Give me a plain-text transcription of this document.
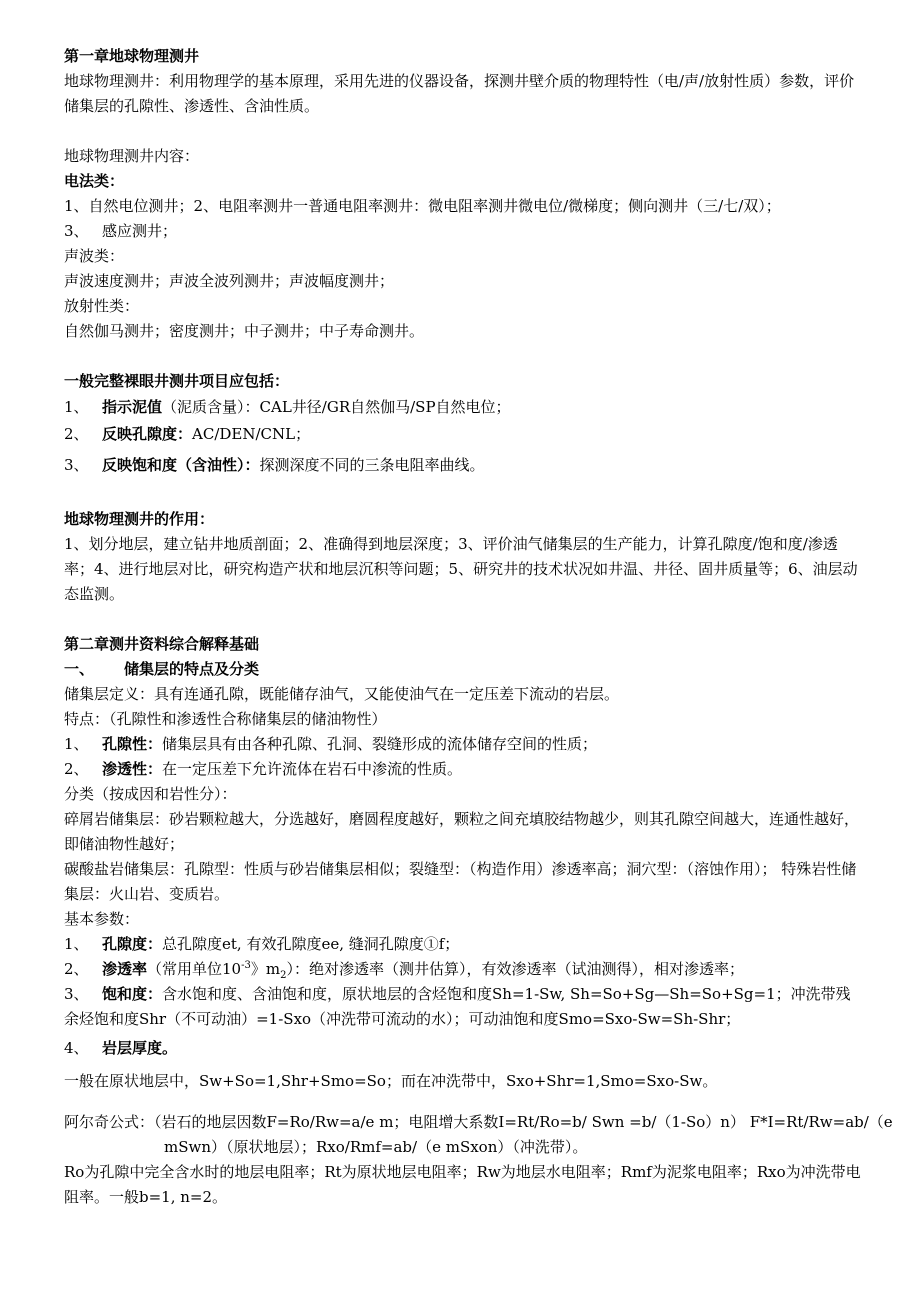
第一章地球物理测井
地球物理测井：利用物理学的基本原理，采用先进的仪器设备，探测井壁介质的物理特性（电/声/放射性质）参数，评价储集层的孔隙性、渗透性、含油性质。
地球物理测井内容：
电法类：
1、自然电位测井；2、电阻率测井一普通电阻率测井：微电阻率测井微电位/微梯度；侧向测井（三/七/双）；
3、 感应测井；
声波类：
声波速度测井；声波全波列测井；声波幅度测井；
放射性类：
自然伽马测井；密度测井；中子测井；中子寿命测井。
一般完整裸眼井测井项目应包括：
1、 指示泥值（泥质含量）：CAL井径/GR自然伽马/SP自然电位；
2、 反映孔隙度：AC/DEN/CNL；
3、 反映饱和度（含油性）：探测深度不同的三条电阻率曲线。
地球物理测井的作用：
1、划分地层，建立钻井地质剖面；2、准确得到地层深度；3、评价油气储集层的生产能力，计算孔隙度/饱和度/渗透率；4、进行地层对比，研究构造产状和地层沉积等问题；5、研究井的技术状况如井温、井径、固井质量等；6、油层动态监测。
第二章测井资料综合解释基础
一、 储集层的特点及分类
储集层定义：具有连通孔隙，既能储存油气，又能使油气在一定压差下流动的岩层。
特点：（孔隙性和渗透性合称储集层的储油物性）
1、 孔隙性：储集层具有由各种孔隙、孔洞、裂缝形成的流体储存空间的性质；
2、 渗透性：在一定压差下允许流体在岩石中渗流的性质。
分类（按成因和岩性分）：
碎屑岩储集层：砂岩颗粒越大，分选越好，磨圆程度越好，颗粒之间充填胶结物越少，则其孔隙空间越大，连通性越好，即储油物性越好；
碳酸盐岩储集层：孔隙型：性质与砂岩储集层相似；裂缝型：（构造作用）渗透率高；洞穴型：（溶蚀作用）； 特殊岩性储集层：火山岩、变质岩。
基本参数：
1、 孔隙度：总孔隙度et, 有效孔隙度ee, 缝洞孔隙度①f；
2、 渗透率（常用单位$10^{-3}$》$m_2$）：绝对渗透率（测井估算），有效渗透率（试油测得），相对渗透率；
3、 饱和度：含水饱和度、含油饱和度，原状地层的含烃饱和度Sh=1-Sw, Sh=So+Sg—Sh=So+Sg=1；冲洗带残余烃饱和度Shr（不可动油）=1-Sxo（冲洗带可流动的水）；可动油饱和度Smo=Sxo-Sw=Sh-Shr；
4、 岩层厚度。
一般在原状地层中，Sw+So=1,Shr+Smo=So；而在冲洗带中，Sxo+Shr=1,Smo=Sxo-Sw。
阿尔奇公式：（岩石的地层因数F=Ro/Rw=a/e m；电阻增大系数I=Rt/Ro=b/ Swn =b/（1-So）n） F*I=Rt/Rw=ab/（e
mSwn）（原状地层）；Rxo/Rmf=ab/（e mSxon）（冲洗带）。
Ro为孔隙中完全含水时的地层电阻率；Rt为原状地层电阻率；Rw为地层水电阻率；Rmf为泥浆电阻率；Rxo为冲洗带电阻率。一般b=1, n=2。
